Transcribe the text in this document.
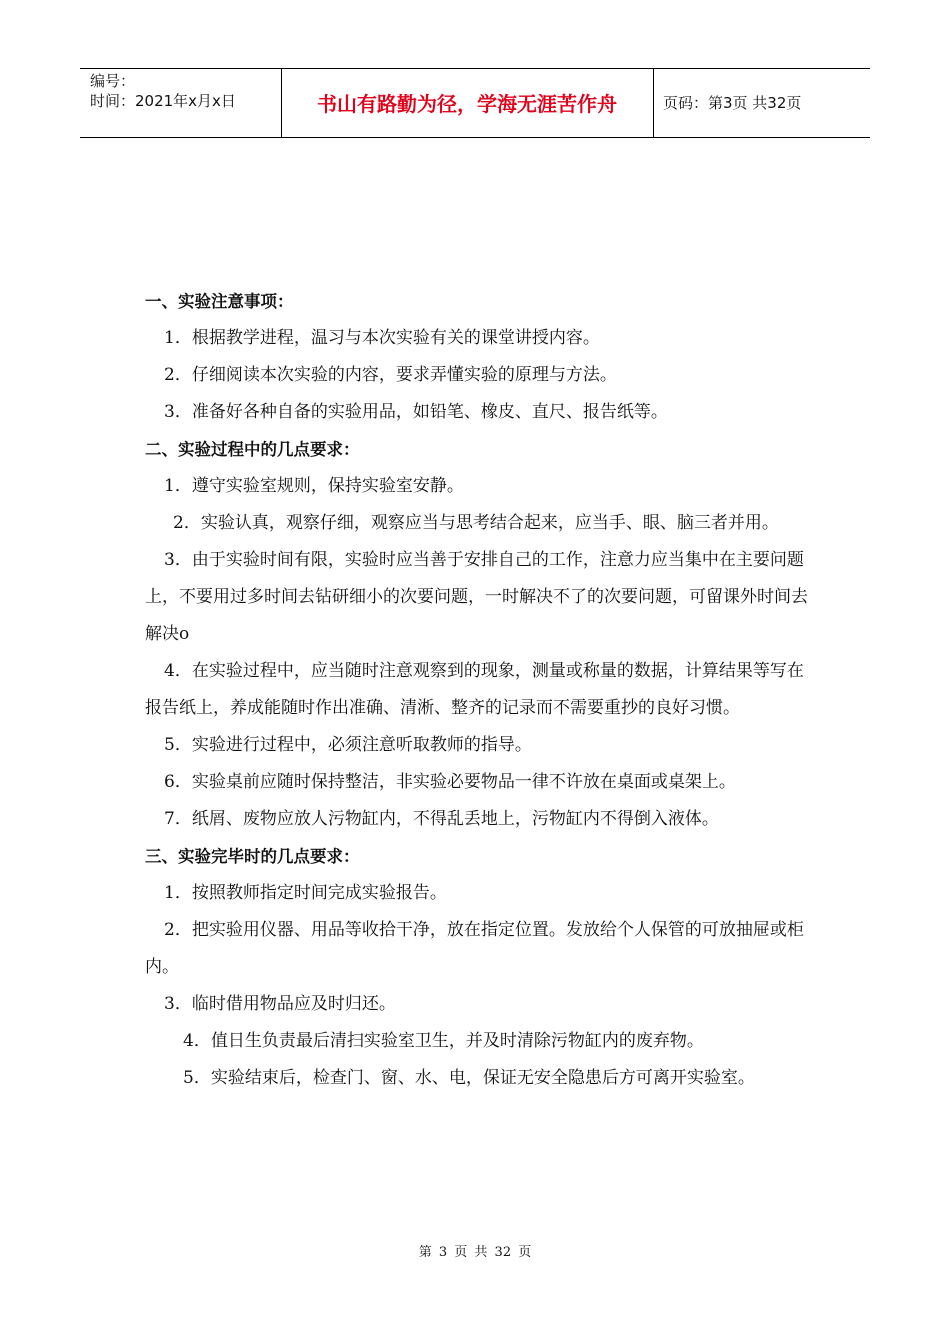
编号：
时间：2021年x月x日	书山有路勤为径，学海无涯苦作舟	页码：第3页 共32页

一、实验注意事项：

1．根据教学进程，温习与本次实验有关的课堂讲授内容。

2．仔细阅读本次实验的内容，要求弄懂实验的原理与方法。

3．准备好各种自备的实验用品，如铅笔、橡皮、直尺、报告纸等。

二、实验过程中的几点要求：

1．遵守实验室规则，保持实验室安静。

2．实验认真，观察仔细，观察应当与思考结合起来，应当手、眼、脑三者并用。

3．由于实验时间有限，实验时应当善于安排自己的工作，注意力应当集中在主要问题上，不要用过多时间去钻研细小的次要问题，一时解决不了的次要问题，可留课外时间去解决o

4．在实验过程中，应当随时注意观察到的现象，测量或称量的数据，计算结果等写在报告纸上，养成能随时作出准确、清淅、整齐的记录而不需要重抄的良好习惯。

5．实验进行过程中，必须注意听取教师的指导。

6．实验桌前应随时保持整洁，非实验必要物品一律不许放在桌面或桌架上。

7．纸屑、废物应放人污物缸内，不得乱丢地上，污物缸内不得倒入液体。

三、实验完毕时的几点要求：

1．按照教师指定时间完成实验报告。

2．把实验用仪器、用品等收拾干净，放在指定位置。发放给个人保管的可放抽屉或柜内。

3．临时借用物品应及时归还。

4．值日生负责最后清扫实验室卫生，并及时清除污物缸内的废弃物。

5．实验结束后，检查门、窗、水、电，保证无安全隐患后方可离开实验室。

第 3 页 共 32 页
